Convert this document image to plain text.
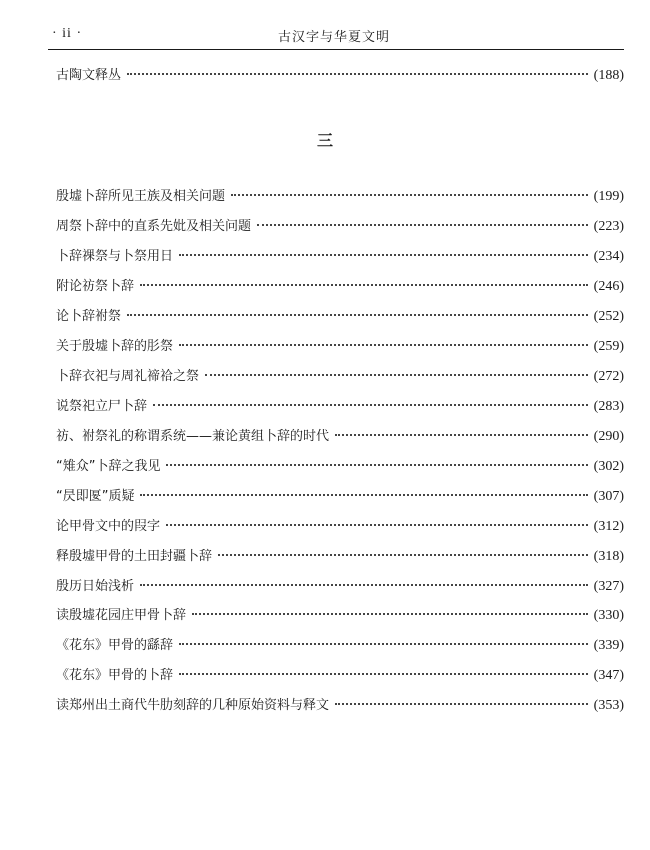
· ii ·	古汉字与华夏文明
古陶文释丛	(188)
三
殷墟卜辞所见王族及相关问题	(199)
周祭卜辞中的直系先妣及相关问题	(223)
卜辞祼祭与卜祭用日	(234)
附论祊祭卜辞	(246)
论卜辞祔祭	(252)
关于殷墟卜辞的肜祭	(259)
卜辞衣祀与周礼禘祫之祭	(272)
说祭祀立尸卜辞	(283)
祊、祔祭礼的称谓系统——兼论黄组卜辞的时代	(290)
“雉众”卜辞之我见	(302)
“昃即匽”质疑	(307)
论甲骨文中的叚字	(312)
释殷墟甲骨的土田封疆卜辞	(318)
殷历日始浅析	(327)
读殷墟花园庄甲骨卜辞	(330)
《花东》甲骨的繇辞	(339)
《花东》甲骨的卜辞	(347)
读郑州出土商代牛肋刻辞的几种原始资料与释文	(353)
